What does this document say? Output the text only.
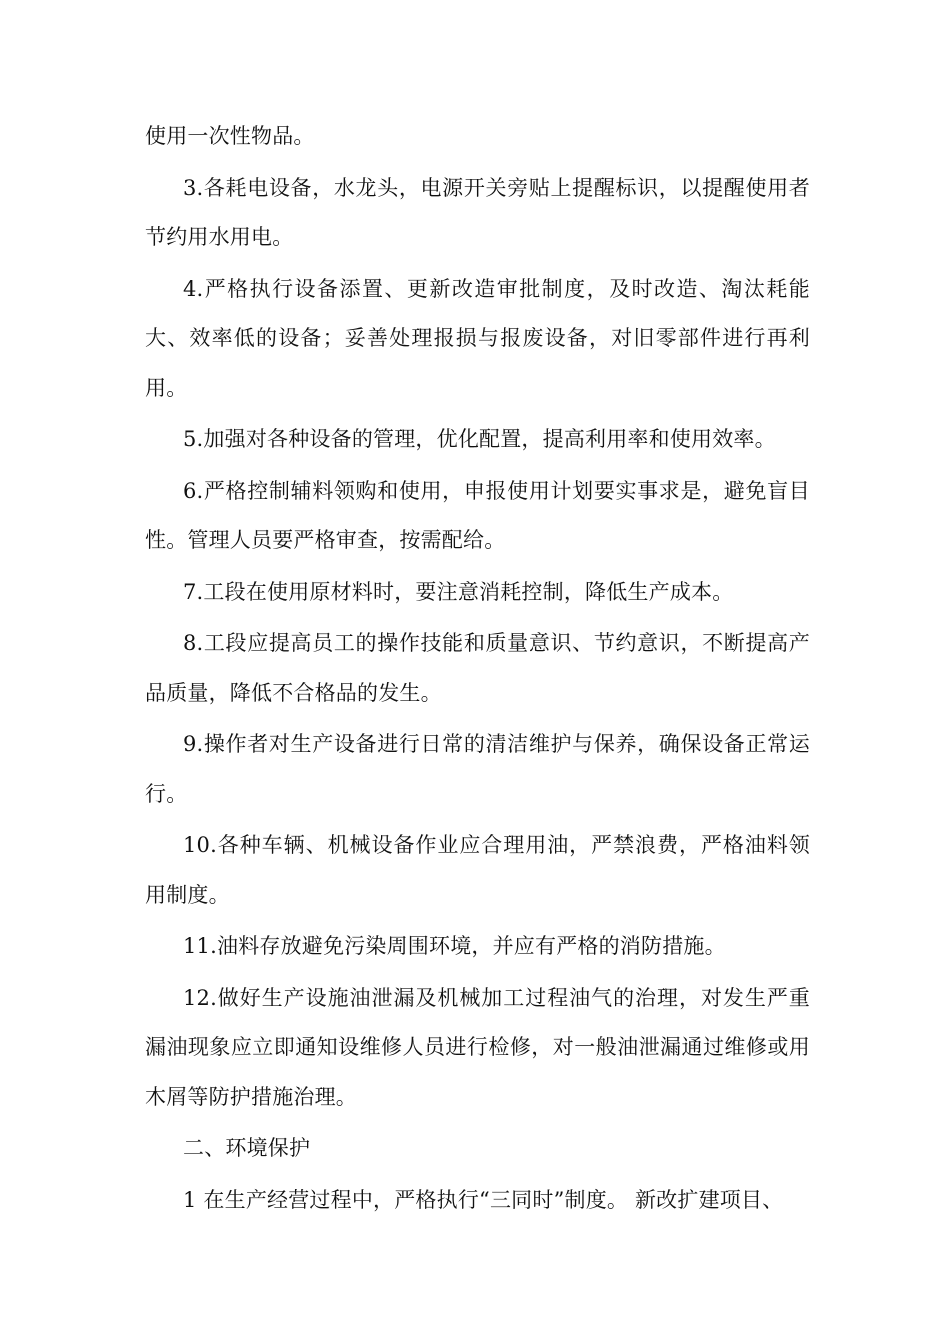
使用一次性物品。

3.各耗电设备，水龙头，电源开关旁贴上提醒标识，以提醒使用者节约用水用电。

4.严格执行设备添置、更新改造审批制度，及时改造、淘汰耗能大、效率低的设备；妥善处理报损与报废设备，对旧零部件进行再利用。

5.加强对各种设备的管理，优化配置，提高利用率和使用效率。

6.严格控制辅料领购和使用，申报使用计划要实事求是，避免盲目性。管理人员要严格审查，按需配给。

7.工段在使用原材料时，要注意消耗控制，降低生产成本。

8.工段应提高员工的操作技能和质量意识、节约意识，不断提高产品质量，降低不合格品的发生。

9.操作者对生产设备进行日常的清洁维护与保养，确保设备正常运行。

10.各种车辆、机械设备作业应合理用油，严禁浪费，严格油料领用制度。

11.油料存放避免污染周围环境，并应有严格的消防措施。

12.做好生产设施油泄漏及机械加工过程油气的治理，对发生严重漏油现象应立即通知设维修人员进行检修，对一般油泄漏通过维修或用木屑等防护措施治理。

二、环境保护

1 在生产经营过程中，严格执行“三同时”制度。 新改扩建项目、
